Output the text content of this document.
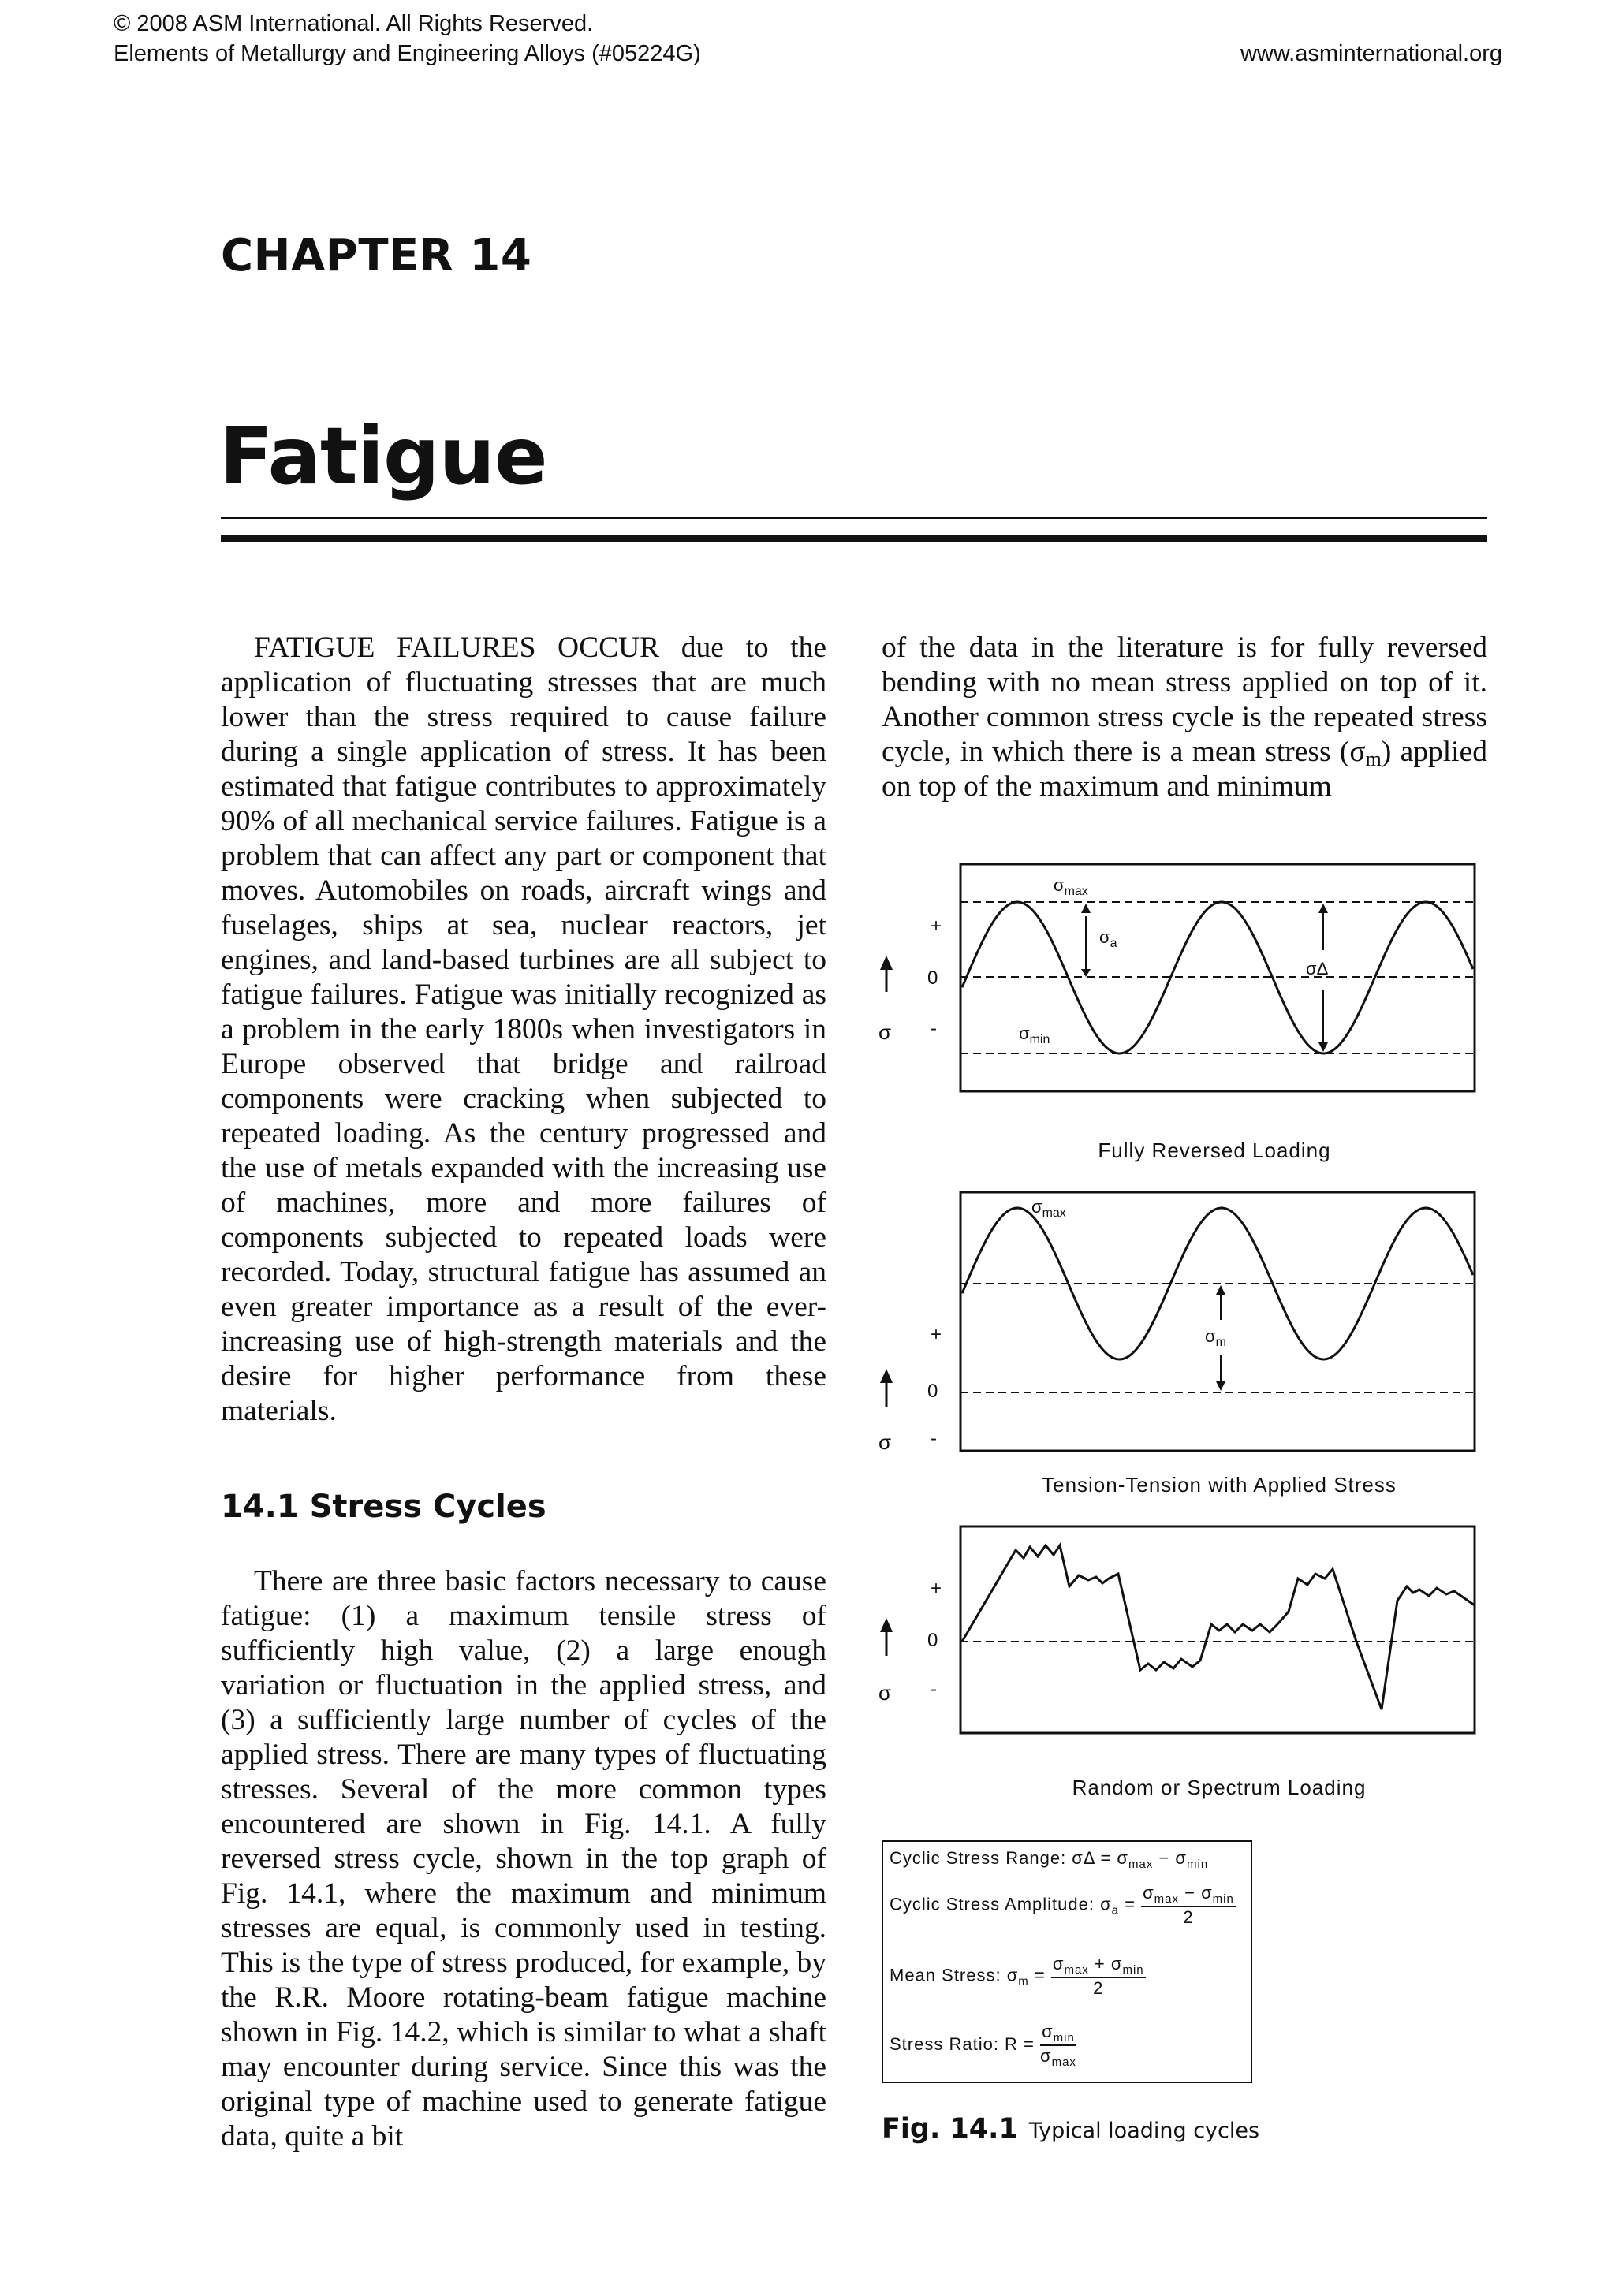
© 2008 ASM International. All Rights Reserved.
Elements of Metallurgy and Engineering Alloys (#05224G)	www.asminternational.org
CHAPTER 14
Fatigue

FATIGUE FAILURES OCCUR due to the application of fluctuating stresses that are much lower than the stress required to cause failure during a single application of stress. It has been estimated that fatigue contributes to approximately 90% of all mechanical service failures. Fatigue is a problem that can affect any part or component that moves. Automobiles on roads, aircraft wings and fuselages, ships at sea, nuclear reactors, jet engines, and land-based turbines are all subject to fatigue failures. Fatigue was initially recognized as a problem in the early 1800s when investigators in Europe observed that bridge and railroad components were cracking when subjected to repeated loading. As the century progressed and the use of metals expanded with the increasing use of machines, more and more failures of components subjected to repeated loads were recorded. Today, structural fatigue has assumed an even greater importance as a result of the ever-increasing use of high-strength materials and the desire for higher performance from these materials.

14.1 Stress Cycles

There are three basic factors necessary to cause fatigue: (1) a maximum tensile stress of sufficiently high value, (2) a large enough variation or fluctuation in the applied stress, and (3) a sufficiently large number of cycles of the applied stress. There are many types of fluctuating stresses. Several of the more common types encountered are shown in Fig. 14.1. A fully reversed stress cycle, shown in the top graph of Fig. 14.1, where the maximum and minimum stresses are equal, is commonly used in testing. This is the type of stress produced, for example, by the R.R. Moore rotating-beam fatigue machine shown in Fig. 14.2, which is similar to what a shaft may encounter during service. Since this was the original type of machine used to generate fatigue data, quite a bit

of the data in the literature is for fully reversed bending with no mean stress applied on top of it. Another common stress cycle is the repeated stress cycle, in which there is a mean stress $(\sigma_m)$ applied on top of the maximum and minimum

$\sigma_{max}$
$\sigma_a$
σΔ
$\sigma_{min}$
+
0
-
σ
Fully Reversed Loading
$\sigma_{max}$
$\sigma_m$
+
0
-
σ
Tension-Tension with Applied Stress
+
0
-
σ
Random or Spectrum Loading
Cyclic Stress Range: $\sigma\Delta = \sigma_{max} - \sigma_{min}$
Cyclic Stress Amplitude: $\sigma_a = \frac{\sigma_{max} - \sigma_{min}}{2}$
Mean Stress: $\sigma_m = \frac{\sigma_{max} + \sigma_{min}}{2}$
Stress Ratio: $R = \frac{\sigma_{min}}{\sigma_{max}}$
Fig. 14.1 Typical loading cycles
